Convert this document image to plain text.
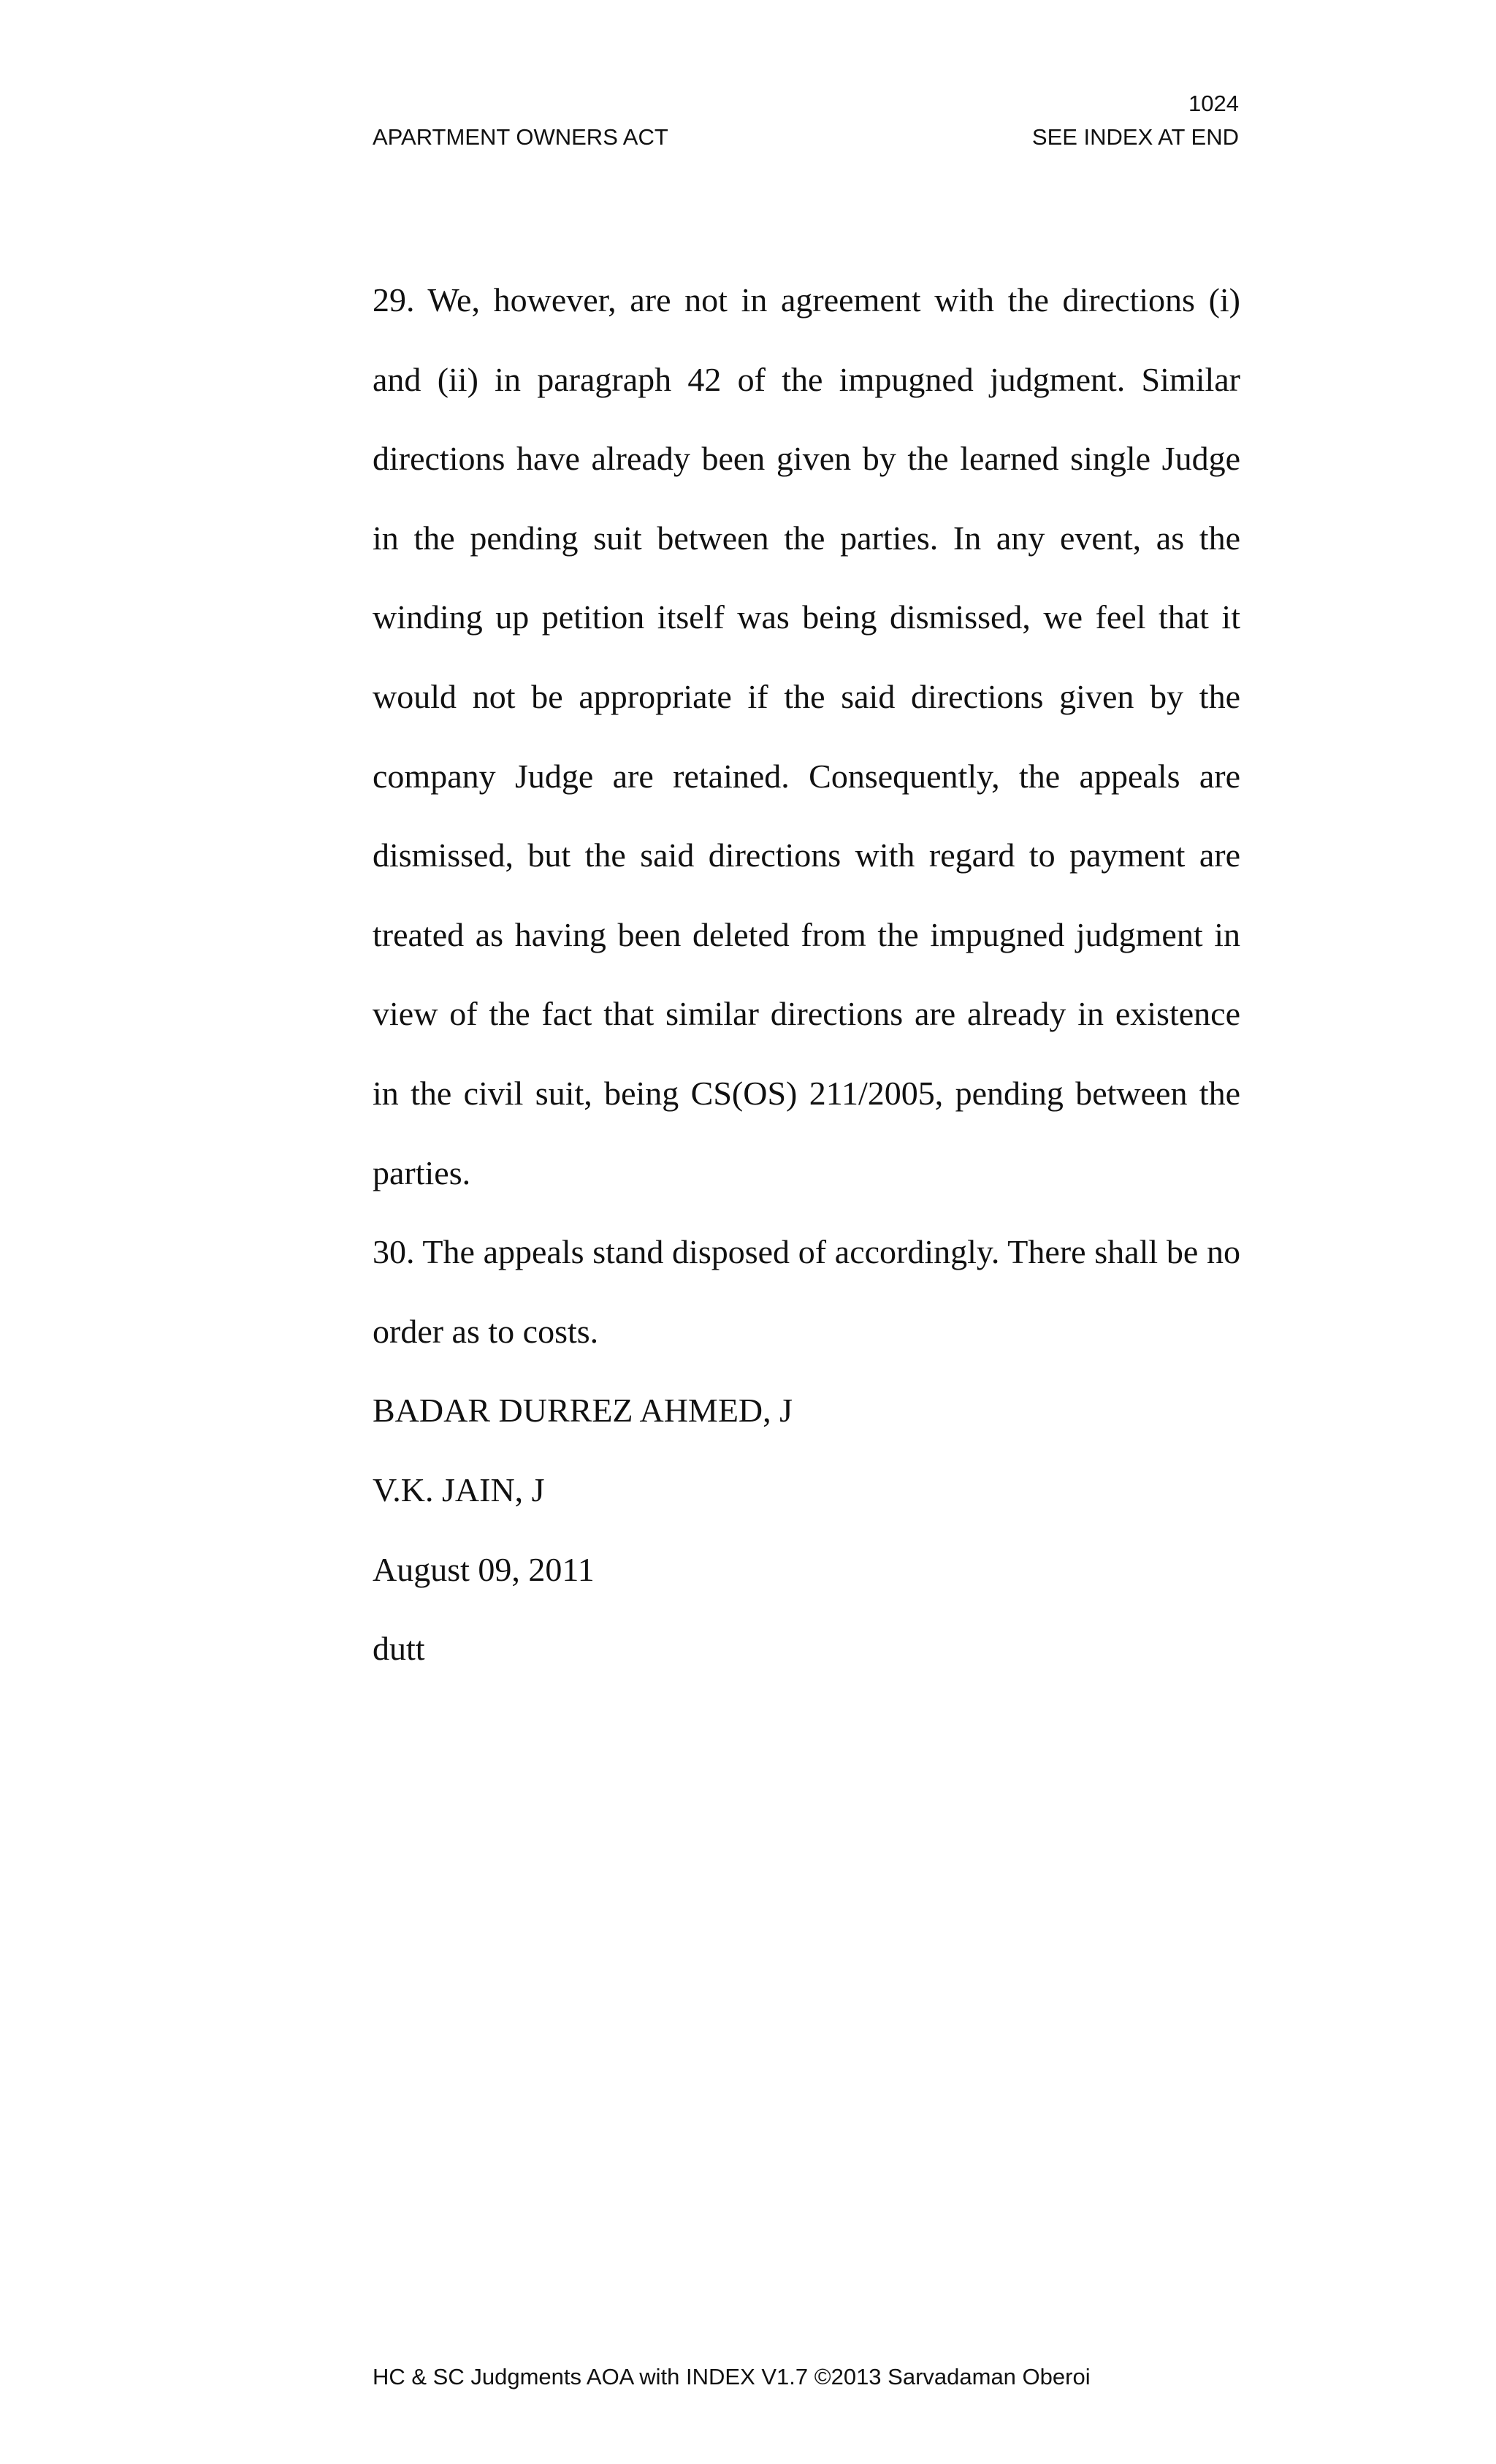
1024
APARTMENT OWNERS ACT	SEE INDEX AT END

29. We, however, are not in agreement with the directions (i) and (ii) in paragraph 42 of the impugned judgment. Similar directions have already been given by the learned single Judge in the pending suit between the parties. In any event, as the winding up petition itself was being dismissed, we feel that it would not be appropriate if the said directions given by the company Judge are retained. Consequently, the appeals are dismissed, but the said directions with regard to payment are treated as having been deleted from the impugned judgment in view of the fact that similar directions are already in existence in the civil suit, being CS(OS) 211/2005, pending between the parties.

30. The appeals stand disposed of accordingly. There shall be no order as to costs.

BADAR DURREZ AHMED, J

V.K. JAIN, J

August 09, 2011

dutt

HC & SC Judgments AOA with INDEX V1.7 ©2013 Sarvadaman Oberoi
